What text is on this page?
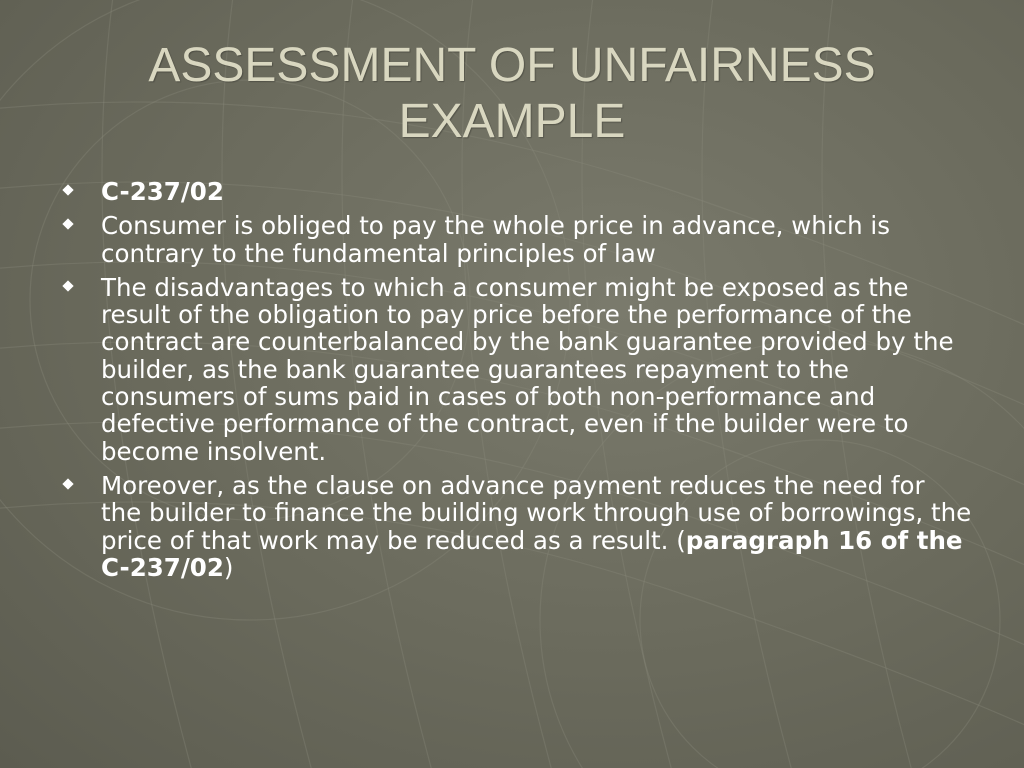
ASSESSMENT OF UNFAIRNESS
EXAMPLE
C-237/02
Consumer is obliged to pay the whole price in advance, which is contrary to the fundamental principles of law
The disadvantages to which a consumer might be exposed as the result of the obligation to pay price before the performance of the contract are counterbalanced by the bank guarantee provided by the builder, as the bank guarantee guarantees repayment to the consumers of sums paid in cases of both non-performance and defective performance of the contract, even if the builder were to become insolvent.
Moreover, as the clause on advance payment reduces the need for the builder to finance the building work through use of borrowings, the price of that work may be reduced as a result. (paragraph 16 of the C-237/02)
